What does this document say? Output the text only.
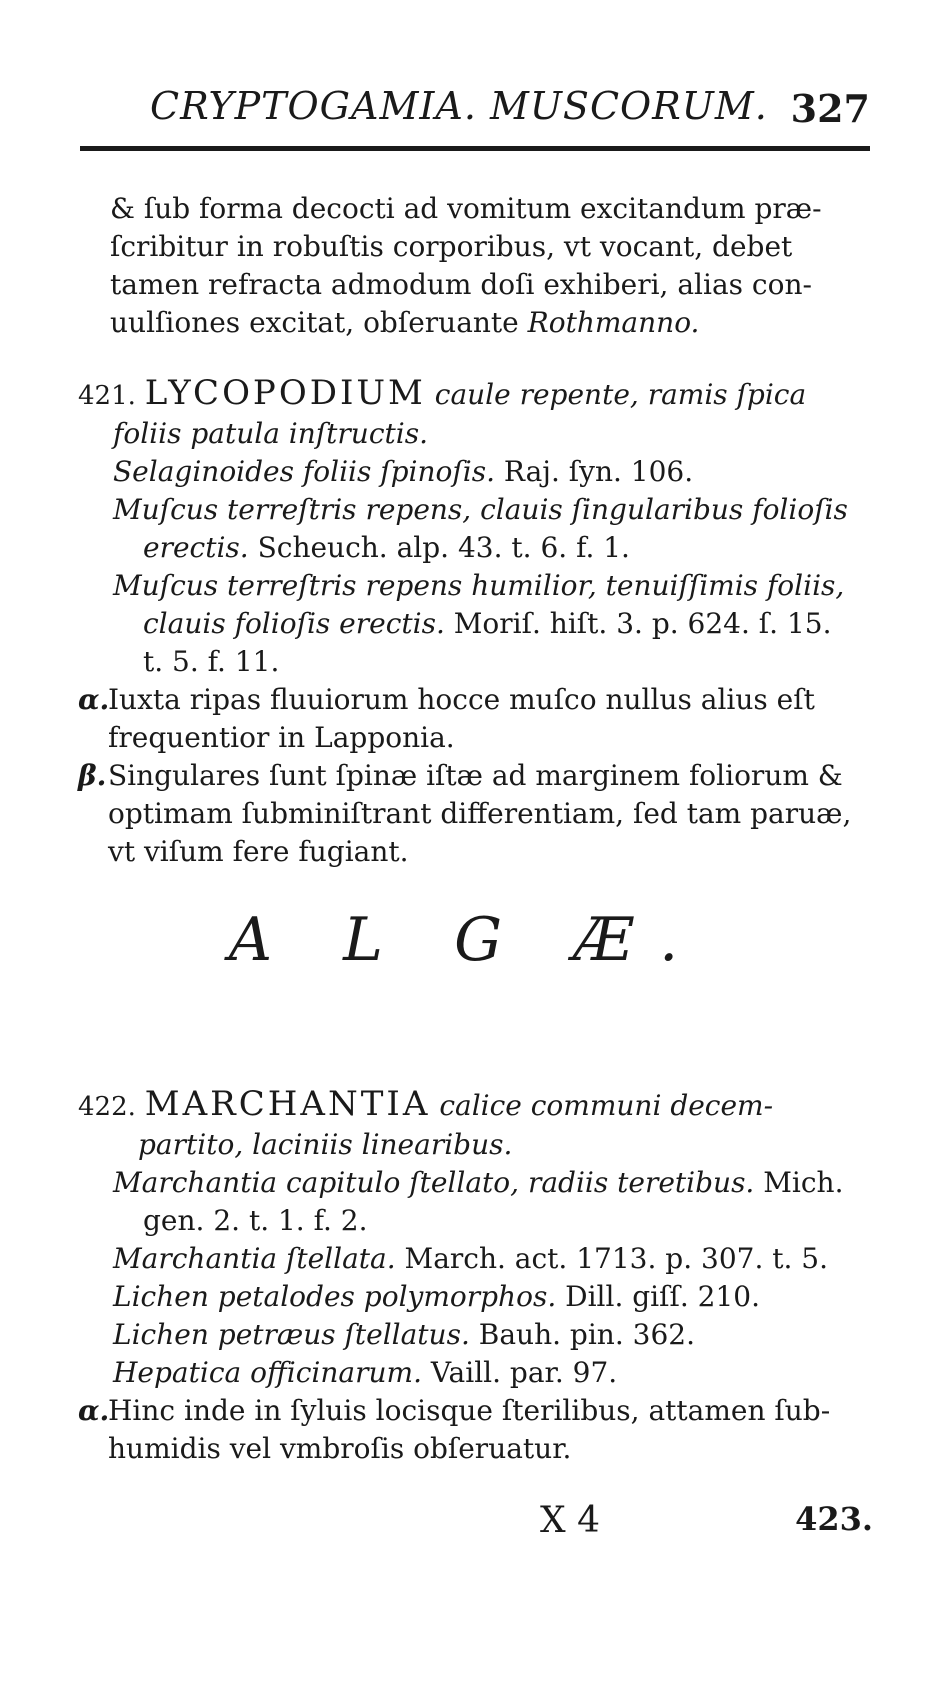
CRYPTOGAMIA. MUSCORUM. 327
& ſub forma decocti ad vomitum excitandum præ-
ſcribitur in robuſtis corporibus, vt vocant, debet
tamen refracta admodum doſi exhiberi, alias con-
uulſiones excitat, obſeruante Rothmanno.
421. LYCOPODIUM caule repente, ramis ſpica
foliis patula inſtructis.
Selaginoides foliis ſpinoſis. Raj. ſyn. 106.
Muſcus terreſtris repens, clauis ſingularibus folioſis
erectis. Scheuch. alp. 43. t. 6. f. 1.
Muſcus terreſtris repens humilior, tenuiſſimis foliis,
clauis folioſis erectis. Moriſ. hiſt. 3. p. 624. ſ. 15.
t. 5. f. 11.
α.Iuxta ripas fluuiorum hocce muſco nullus alius eſt
frequentior in Lapponia.
β.Singulares ſunt ſpinæ iſtæ ad marginem foliorum &
optimam ſubminiſtrant differentiam, ſed tam paruæ,
vt viſum fere fugiant.
A L G Æ.
422. MARCHANTIA calice communi decem-
partito, laciniis linearibus.
Marchantia capitulo ſtellato, radiis teretibus. Mich.
gen. 2. t. 1. f. 2.
Marchantia ſtellata. March. act. 1713. p. 307. t. 5.
Lichen petalodes polymorphos. Dill. giſſ. 210.
Lichen petræus ſtellatus. Bauh. pin. 362.
Hepatica officinarum. Vaill. par. 97.
α.Hinc inde in ſyluis locisque ſterilibus, attamen ſub-
humidis vel vmbroſis obſeruatur.
X 4	423.
